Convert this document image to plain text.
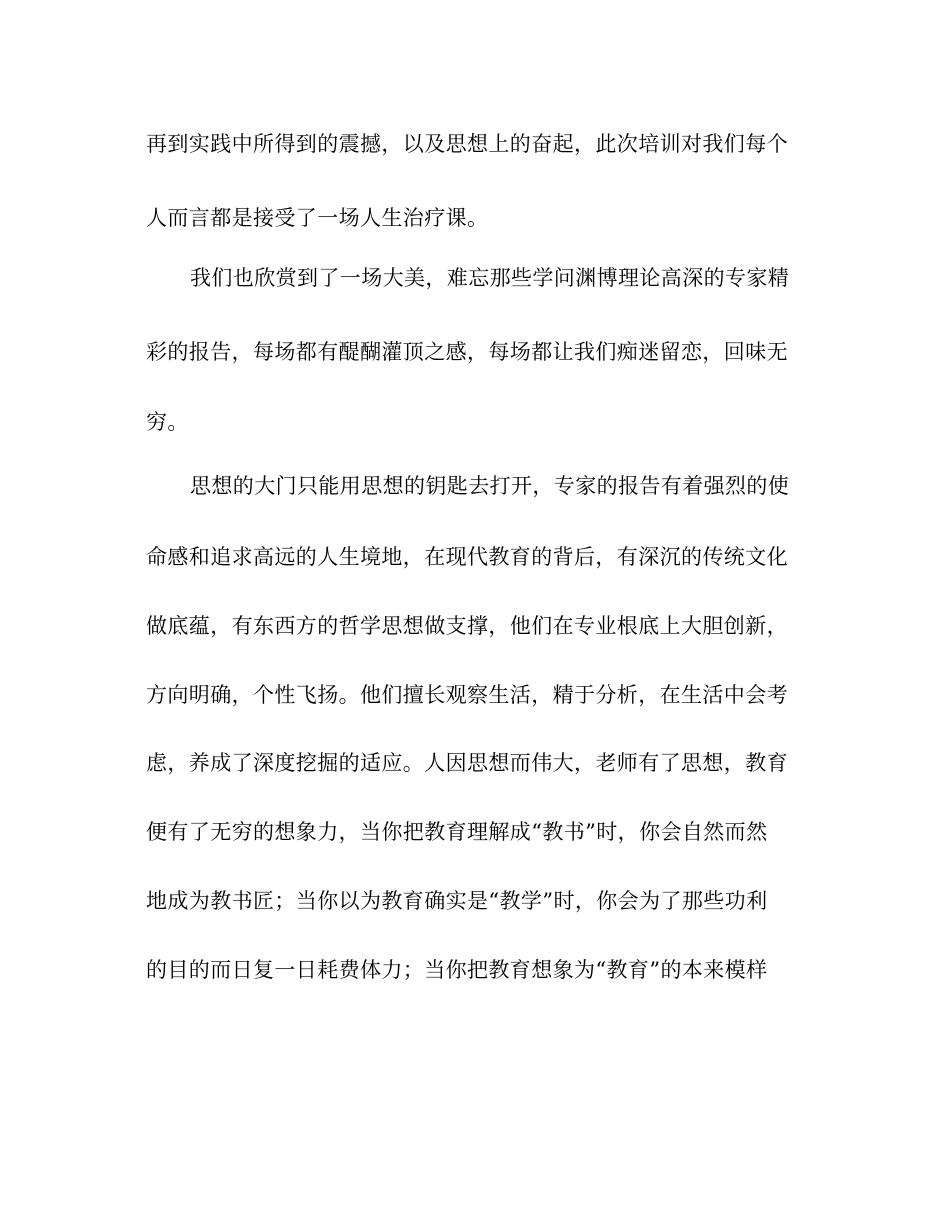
再到实践中所得到的震撼，以及思想上的奋起，此次培训对我们每个
人而言都是接受了一场人生治疗课。
我们也欣赏到了一场大美，难忘那些学问渊博理论高深的专家精
彩的报告，每场都有醍醐灌顶之感，每场都让我们痴迷留恋，回味无
穷。
思想的大门只能用思想的钥匙去打开，专家的报告有着强烈的使
命感和追求高远的人生境地，在现代教育的背后，有深沉的传统文化
做底蕴，有东西方的哲学思想做支撑，他们在专业根底上大胆创新，
方向明确，个性飞扬。他们擅长观察生活，精于分析，在生活中会考
虑，养成了深度挖掘的适应。人因思想而伟大，老师有了思想，教育
便有了无穷的想象力，当你把教育理解成“教书”时，你会自然而然
地成为教书匠；当你以为教育确实是“教学”时，你会为了那些功利
的目的而日复一日耗费体力；当你把教育想象为“教育”的本来模样
